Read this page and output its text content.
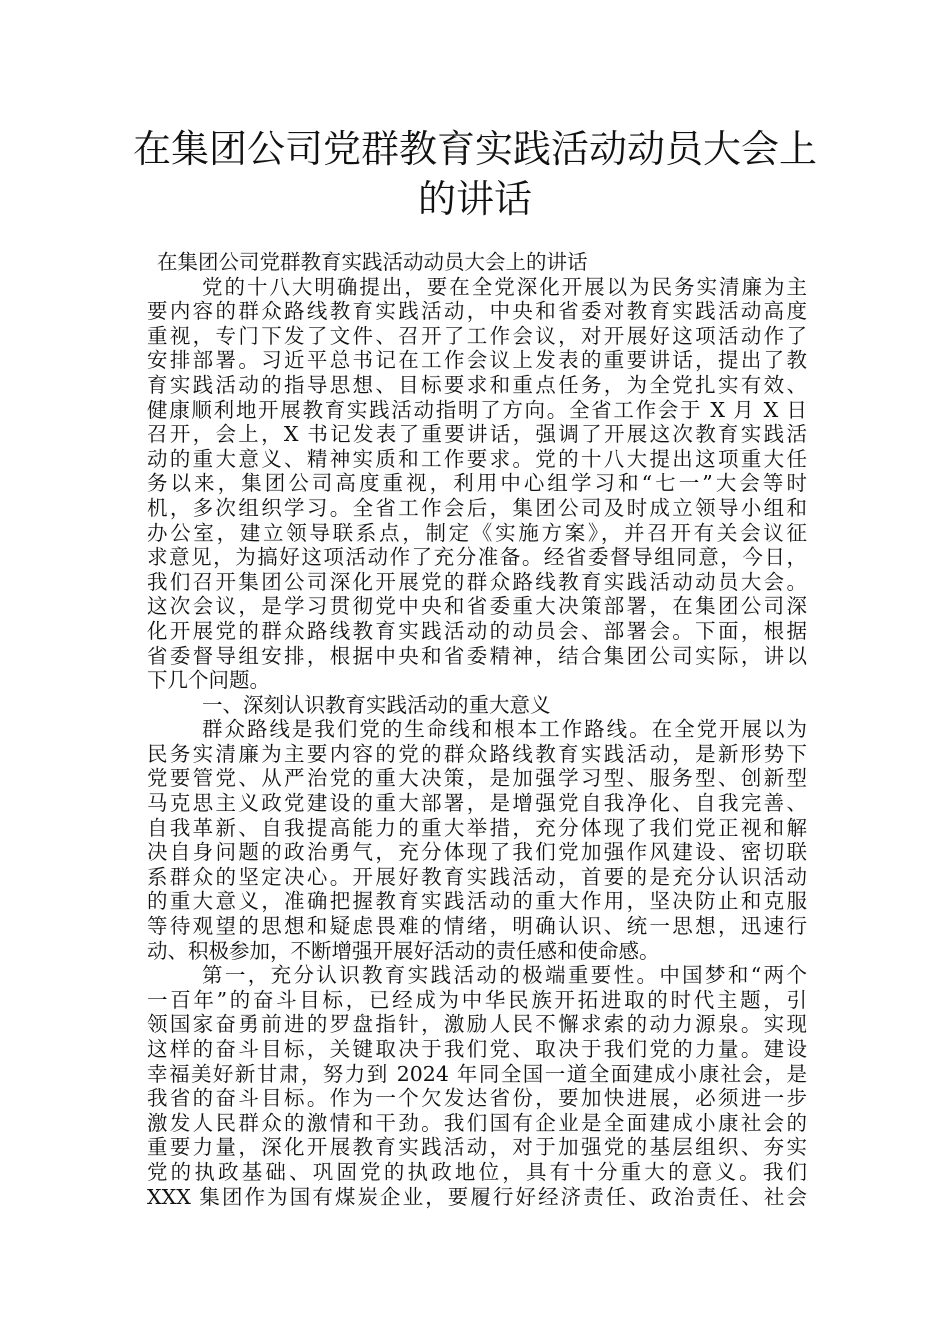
在集团公司党群教育实践活动动员大会上
的讲话
在集团公司党群教育实践活动动员大会上的讲话
党的十八大明确提出，要在全党深化开展以为民务实清廉为主
要内容的群众路线教育实践活动，中央和省委对教育实践活动高度
重视，专门下发了文件、召开了工作会议，对开展好这项活动作了
安排部署。习近平总书记在工作会议上发表的重要讲话，提出了教
育实践活动的指导思想、目标要求和重点任务，为全党扎实有效、
健康顺利地开展教育实践活动指明了方向。全省工作会于 X 月 X 日
召开，会上，X 书记发表了重要讲话，强调了开展这次教育实践活
动的重大意义、精神实质和工作要求。党的十八大提出这项重大任
务以来，集团公司高度重视，利用中心组学习和“七一”大会等时
机，多次组织学习。全省工作会后，集团公司及时成立领导小组和
办公室，建立领导联系点，制定《实施方案》，并召开有关会议征
求意见，为搞好这项活动作了充分准备。经省委督导组同意，今日，
我们召开集团公司深化开展党的群众路线教育实践活动动员大会。
这次会议，是学习贯彻党中央和省委重大决策部署，在集团公司深
化开展党的群众路线教育实践活动的动员会、部署会。下面，根据
省委督导组安排，根据中央和省委精神，结合集团公司实际，讲以
下几个问题。
一、深刻认识教育实践活动的重大意义
群众路线是我们党的生命线和根本工作路线。在全党开展以为
民务实清廉为主要内容的党的群众路线教育实践活动，是新形势下
党要管党、从严治党的重大决策，是加强学习型、服务型、创新型
马克思主义政党建设的重大部署，是增强党自我净化、自我完善、
自我革新、自我提高能力的重大举措，充分体现了我们党正视和解
决自身问题的政治勇气，充分体现了我们党加强作风建设、密切联
系群众的坚定决心。开展好教育实践活动，首要的是充分认识活动
的重大意义，准确把握教育实践活动的重大作用，坚决防止和克服
等待观望的思想和疑虑畏难的情绪，明确认识、统一思想，迅速行
动、积极参加，不断增强开展好活动的责任感和使命感。
第一，充分认识教育实践活动的极端重要性。中国梦和“两个
一百年”的奋斗目标，已经成为中华民族开拓进取的时代主题，引
领国家奋勇前进的罗盘指针，激励人民不懈求索的动力源泉。实现
这样的奋斗目标，关键取决于我们党、取决于我们党的力量。建设
幸福美好新甘肃，努力到 2024 年同全国一道全面建成小康社会，是
我省的奋斗目标。作为一个欠发达省份，要加快进展，必须进一步
激发人民群众的激情和干劲。我们国有企业是全面建成小康社会的
重要力量，深化开展教育实践活动，对于加强党的基层组织、夯实
党的执政基础、巩固党的执政地位，具有十分重大的意义。我们
XXX 集团作为国有煤炭企业，要履行好经济责任、政治责任、社会
